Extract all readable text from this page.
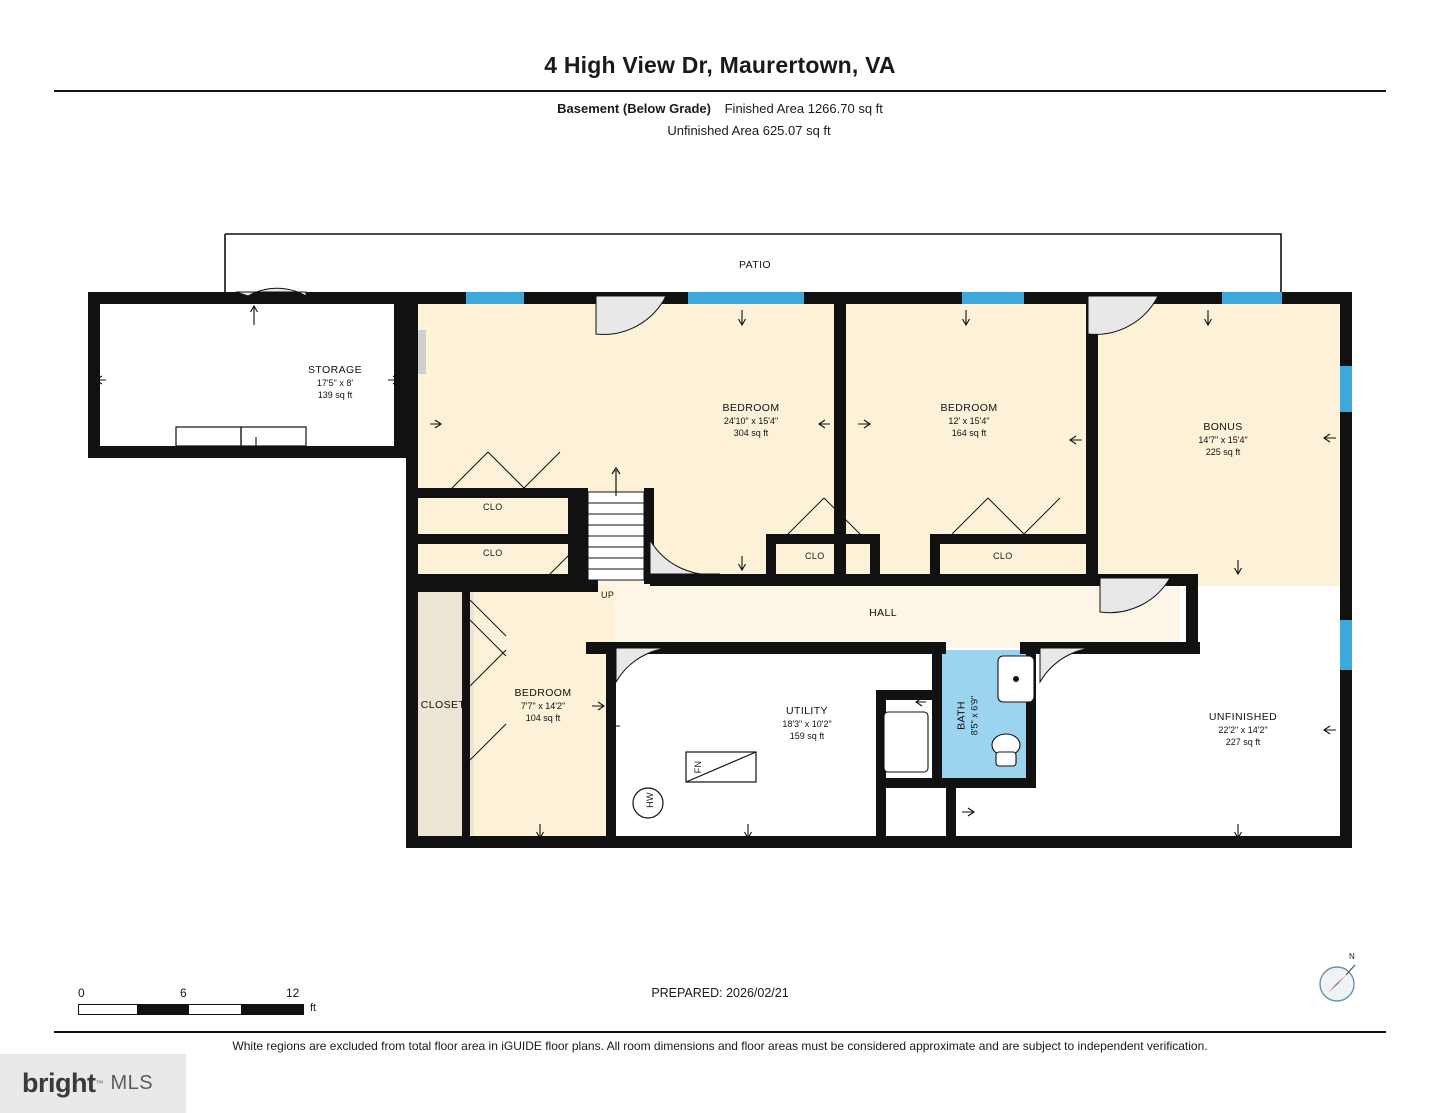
4 High View Dr, Maurertown, VA
Basement (Below Grade) Finished Area 1266.70 sq ft
Unfinished Area 625.07 sq ft
PATIO
STORAGE
17'5" x 8'
139 sq ft
BEDROOM
24'10" x 15'4"
304 sq ft
BEDROOM
12' x 15'4"
164 sq ft	BONUS
14'7" x 15'4"
225 sq ft
HALL
CLOSET
BEDROOM
7'7" x 14'2"
104 sq ft
UTILITY
18'3" x 10'2"
159 sq ft
BATH 8'5" x 6'9"	UNFINISHED
22'2" x 14'2"
227 sq ft
CLO
CLO	CLO	CLO
UP
FN
HW
0	6	12
ft
PREPARED: 2026/02/21
N
White regions are excluded from total floor area in iGUIDE floor plans. All room dimensions and floor areas must be considered approximate and are subject to independent verification.
bright ™ MLS
